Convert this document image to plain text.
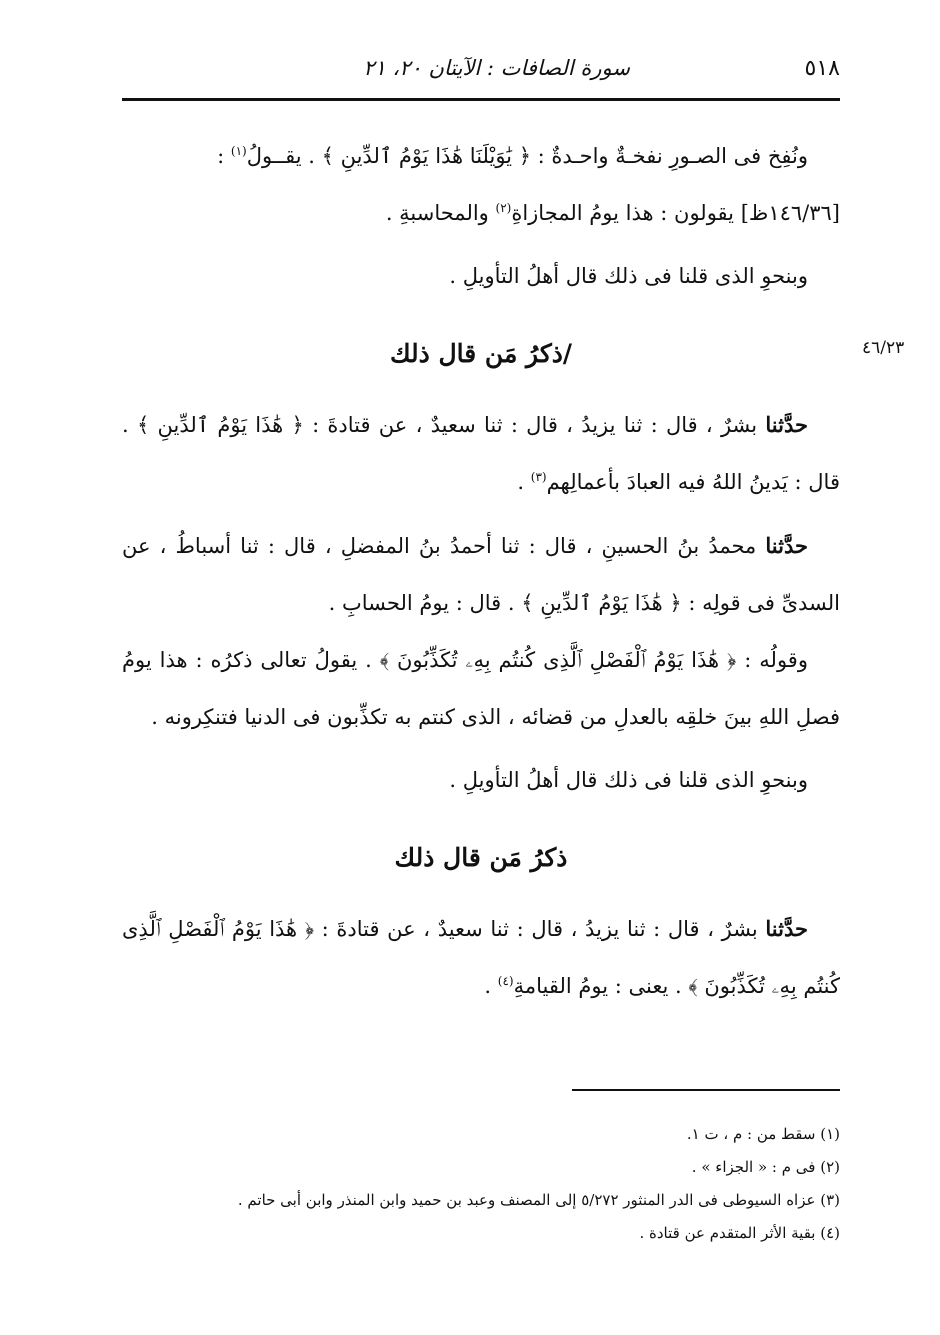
٥١٨
سورة الصافات : الآيتان ٢٠، ٢١
٤٦/٢٣

ونُفِخ فى الصـورِ نفخـةٌ واحـدةٌ : ﴿ يَٰوَيْلَنَا هَٰذَا يَوْمُ ٱلدِّينِ ﴾ . يقــولُ$^{(١)}$ :

[١٤٦/٣٦ظ] يقولون : هذا يومُ المجازاةِ$^{(٢)}$ والمحاسبةِ .

وبنحوِ الذى قلنا فى ذلك قال أهلُ التأويلِ .

/ذكرُ مَن قال ذلك

حدَّثنا بشرٌ ، قال : ثنا يزيدُ ، قال : ثنا سعيدٌ ، عن قتادةَ : ﴿ هَٰذَا يَوْمُ ٱلدِّينِ ﴾ . قال : يَدينُ اللهُ فيه العبادَ بأعمالِهم$^{(٣)}$ .

حدَّثنا محمدُ بنُ الحسينِ ، قال : ثنا أحمدُ بنُ المفضلِ ، قال : ثنا أسباطُ ، عن السدىِّ فى قولِه : ﴿ هَٰذَا يَوْمُ ٱلدِّينِ ﴾ . قال : يومُ الحسابِ .

وقولُه : ﴿ هَٰذَا يَوْمُ ٱلْفَصْلِ ٱلَّذِى كُنتُم بِهِۦ تُكَذِّبُونَ ﴾ . يقولُ تعالى ذكرُه : هذا يومُ فصلِ اللهِ بينَ خلقِه بالعدلِ من قضائه ، الذى كنتم به تكذِّبون فى الدنيا فتنكِرونه .

وبنحوِ الذى قلنا فى ذلك قال أهلُ التأويلِ .

ذكرُ مَن قال ذلك

حدَّثنا بشرٌ ، قال : ثنا يزيدُ ، قال : ثنا سعيدٌ ، عن قتادةَ : ﴿ هَٰذَا يَوْمُ ٱلْفَصْلِ ٱلَّذِى كُنتُم بِهِۦ تُكَذِّبُونَ ﴾ . يعنى : يومُ القيامةِ$^{(٤)}$ .

(١) سقط من : م ، ت ١.

(٢) فى م : « الجزاء » .

(٣) عزاه السيوطى فى الدر المنثور ٥/٢٧٢ إلى المصنف وعبد بن حميد وابن المنذر وابن أبى حاتم .

(٤) بقية الأثر المتقدم عن قتادة .
